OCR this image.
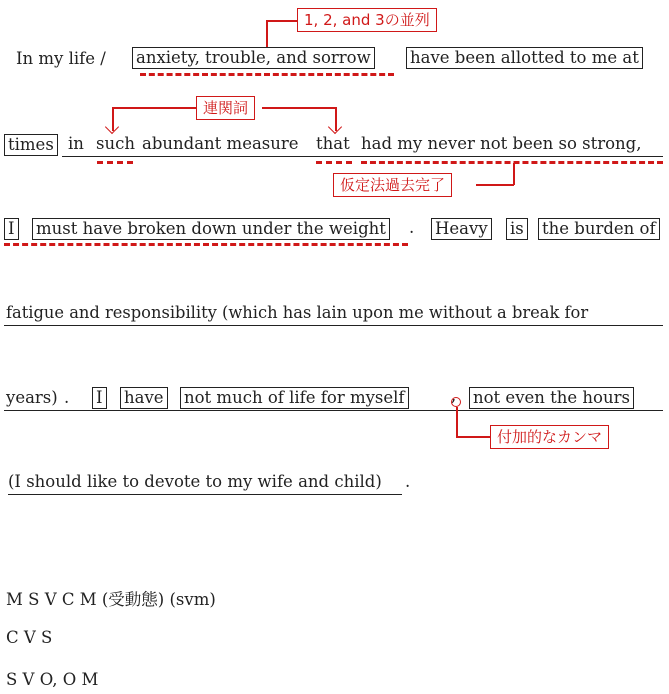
1, 2, and 3の並列
In my life / anxiety, trouble, and sorrow have been allotted to me at
連関詞
times in such abundant measure that had my never not been so strong,
仮定法過去完了
I must have broken down under the weight . Heavy is the burden of
fatigue and responsibility (which has lain upon me without a break for
years) . I have not much of life for myself	, not even the hours
付加的なカンマ
(I should like to devote to my wife and child) .
M S V C M (受動態) (svm)
C V S
S V O, O M
